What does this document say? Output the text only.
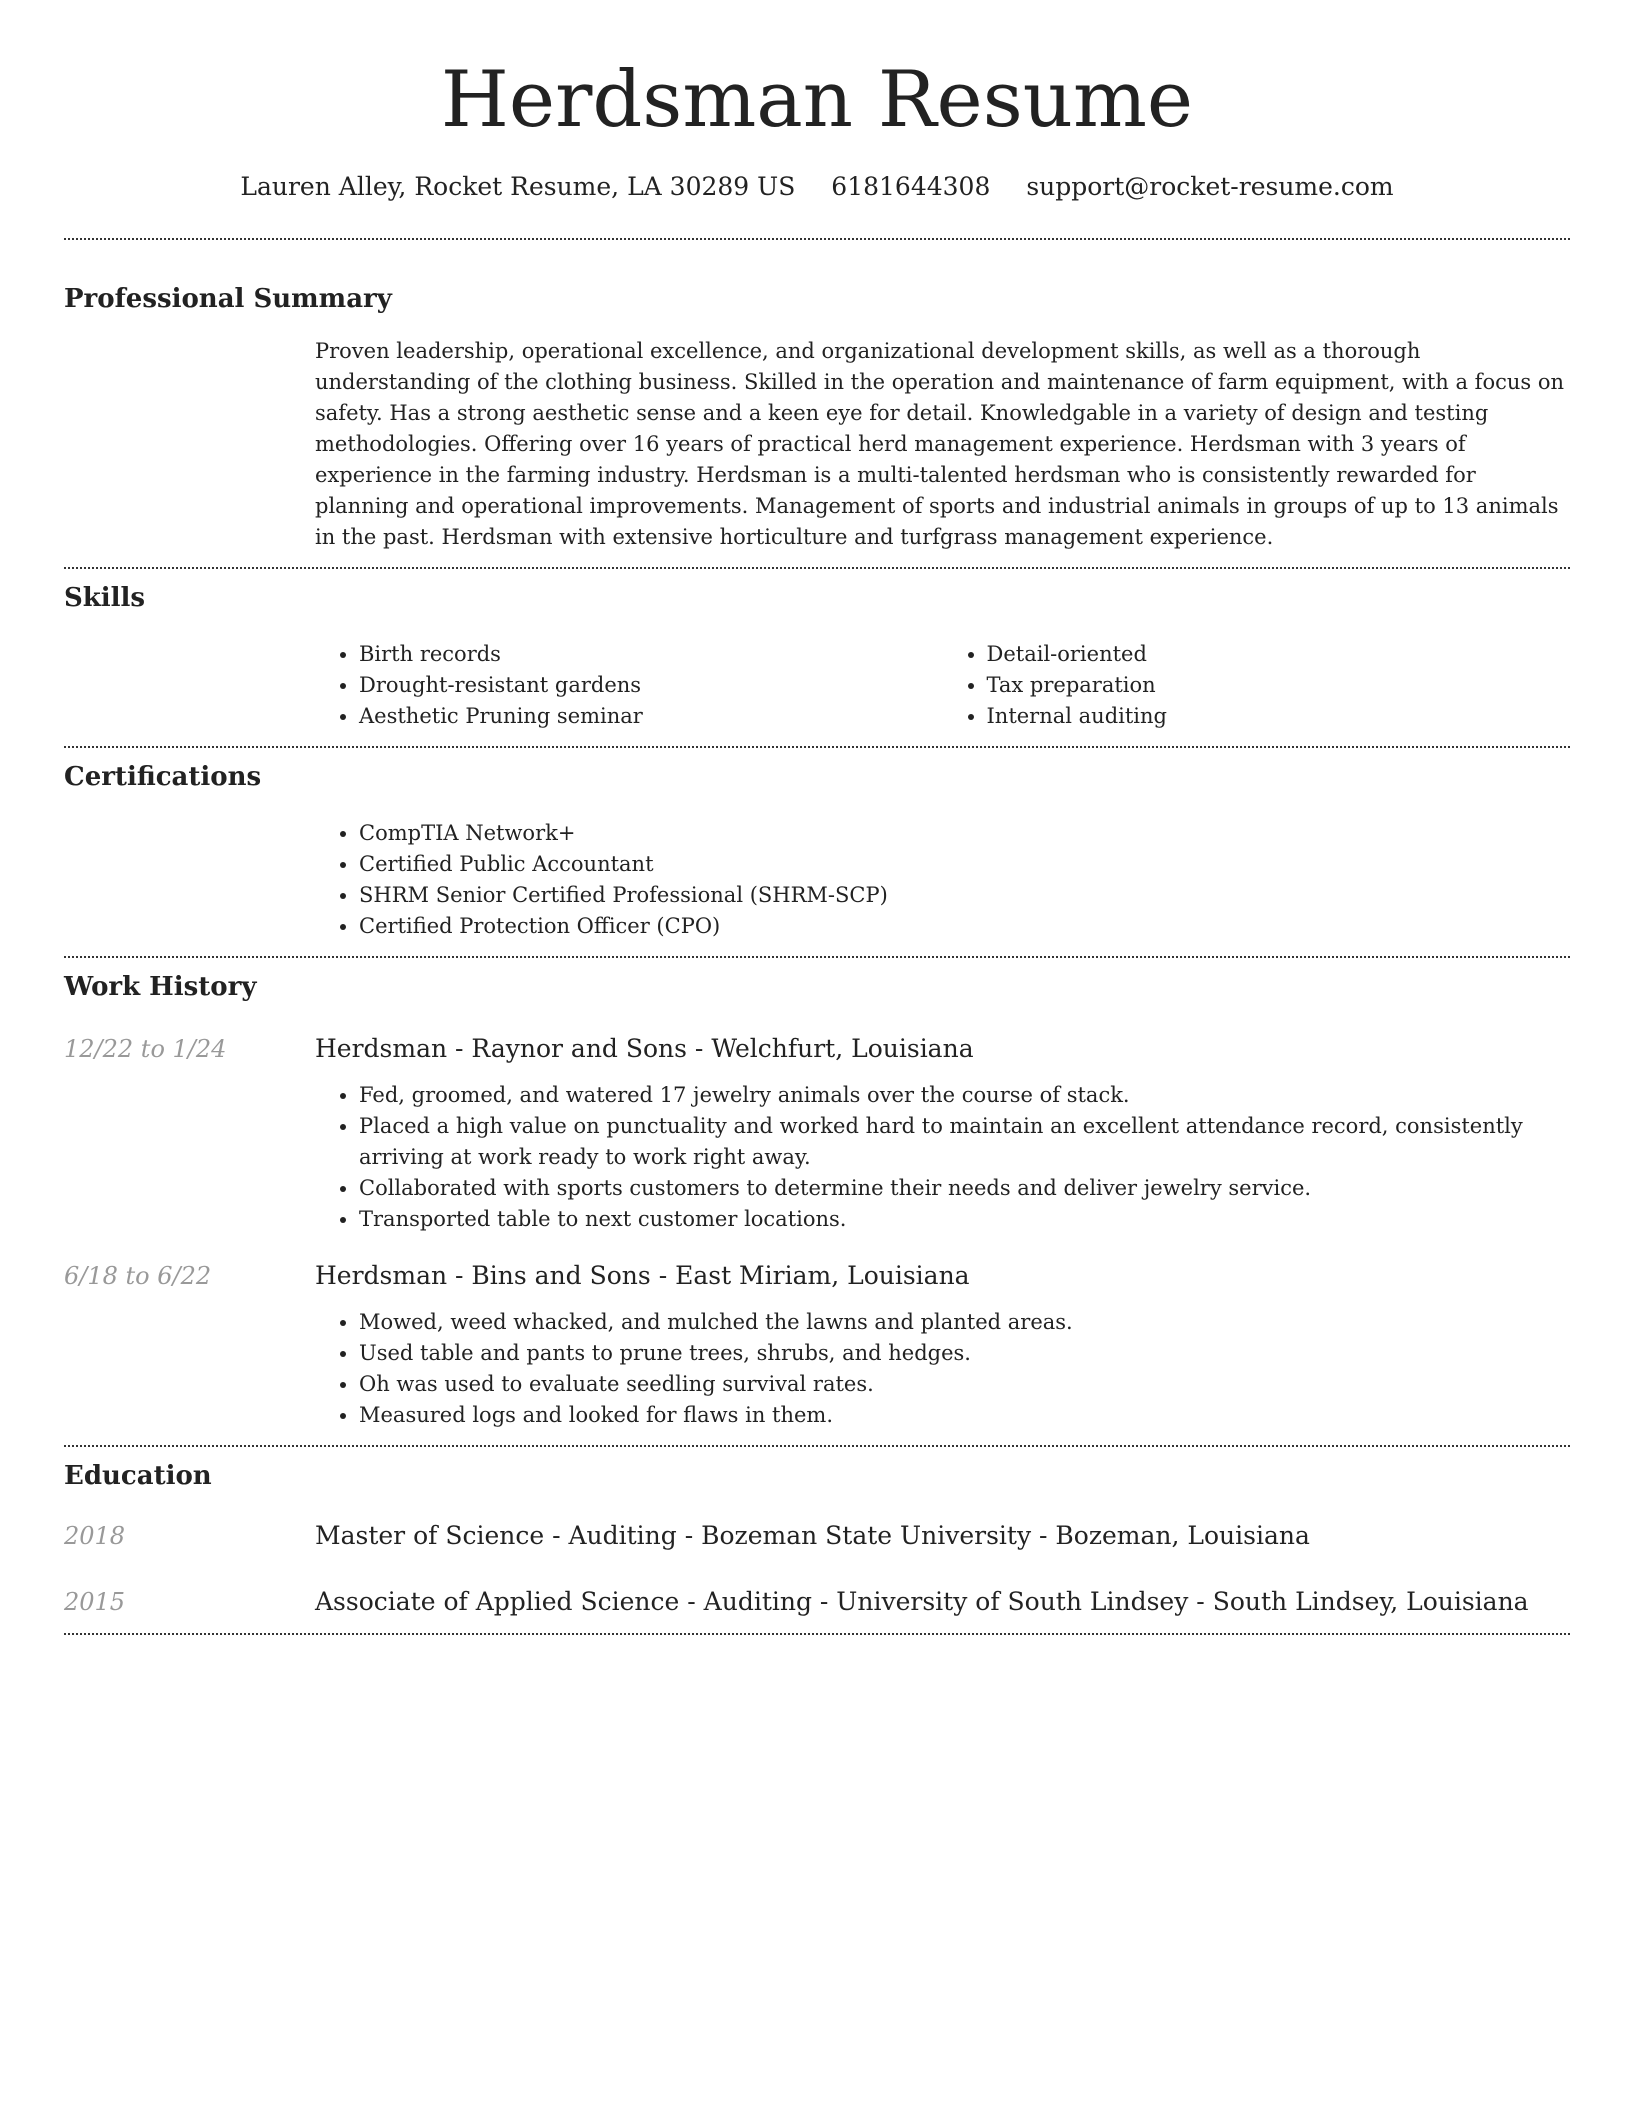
Herdsman Resume
Lauren Alley, Rocket Resume, LA 30289 US 6181644308 support@rocket-resume.com
Professional Summary

Proven leadership, operational excellence, and organizational development skills, as well as a thorough understanding of the clothing business. Skilled in the operation and maintenance of farm equipment, with a focus on safety. Has a strong aesthetic sense and a keen eye for detail. Knowledgable in a variety of design and testing methodologies. Offering over 16 years of practical herd management experience. Herdsman with 3 years of experience in the farming industry. Herdsman is a multi-talented herdsman who is consistently rewarded for planning and operational improvements. Management of sports and industrial animals in groups of up to 13 animals in the past. Herdsman with extensive horticulture and turfgrass management experience.

Skills
• Birth records
• Drought-resistant gardens
• Aesthetic Pruning seminar
• Detail-oriented
• Tax preparation
• Internal auditing
Certifications
• CompTIA Network+
• Certified Public Accountant
• SHRM Senior Certified Professional (SHRM-SCP)
• Certified Protection Officer (CPO)
Work History
12/22 to 1/24	Herdsman - Raynor and Sons - Welchfurt, Louisiana
• Fed, groomed, and watered 17 jewelry animals over the course of stack.
• Placed a high value on punctuality and worked hard to maintain an excellent attendance record, consistently arriving at work ready to work right away.
• Collaborated with sports customers to determine their needs and deliver jewelry service.
• Transported table to next customer locations.
6/18 to 6/22	Herdsman - Bins and Sons - East Miriam, Louisiana
• Mowed, weed whacked, and mulched the lawns and planted areas.
• Used table and pants to prune trees, shrubs, and hedges.
• Oh was used to evaluate seedling survival rates.
• Measured logs and looked for flaws in them.
Education
2018	Master of Science - Auditing - Bozeman State University - Bozeman, Louisiana
2015	Associate of Applied Science - Auditing - University of South Lindsey - South Lindsey, Louisiana
